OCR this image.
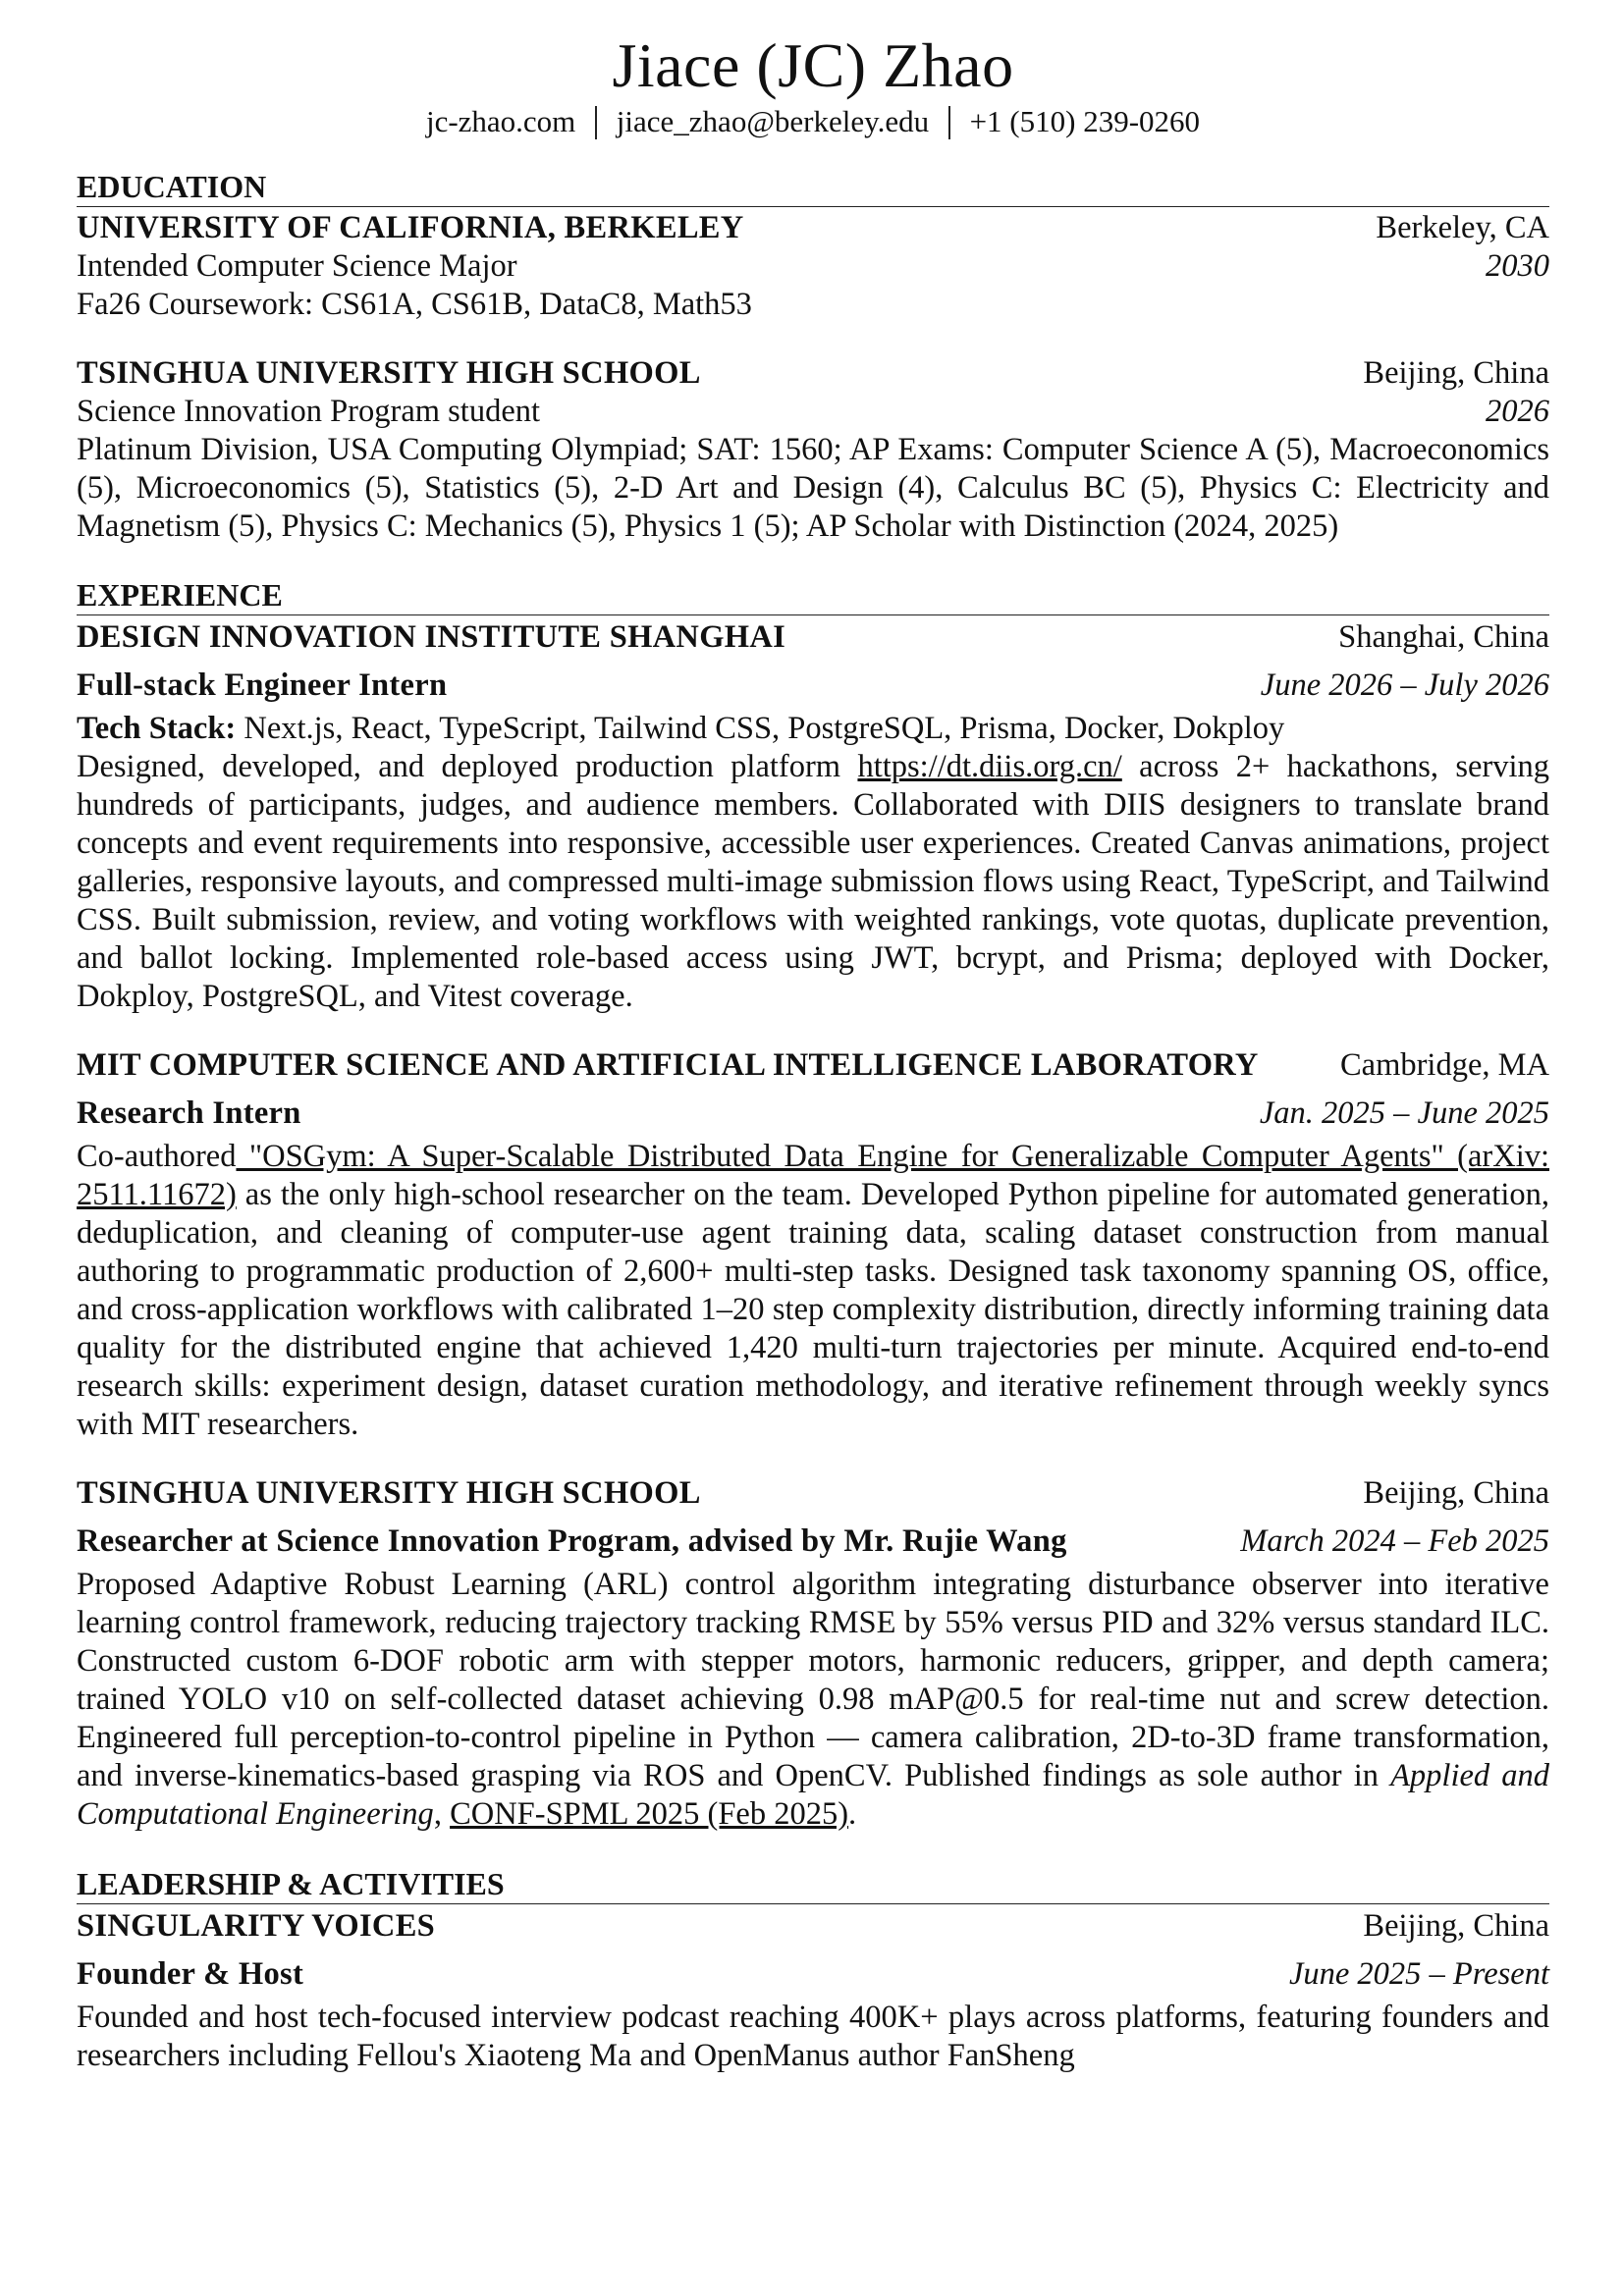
Jiace (JC) Zhao
jc-zhao.com jiace_zhao@berkeley.edu +1 (510) 239-0260
EDUCATION
UNIVERSITY OF CALIFORNIA, BERKELEY	Berkeley, CA
Intended Computer Science Major	2030
Fa26 Coursework: CS61A, CS61B, DataC8, Math53
TSINGHUA UNIVERSITY HIGH SCHOOL	Beijing, China
Science Innovation Program student	2026
Platinum Division, USA Computing Olympiad; SAT: 1560; AP Exams: Computer Science A (5), Macroeconomics (5), Microeconomics (5), Statistics (5), 2-D Art and Design (4), Calculus BC (5), Physics C: Electricity and Magnetism (5), Physics C: Mechanics (5), Physics 1 (5); AP Scholar with Distinction (2024, 2025)
EXPERIENCE
DESIGN INNOVATION INSTITUTE SHANGHAI	Shanghai, China
Full-stack Engineer Intern	June 2026 – July 2026
Tech Stack: Next.js, React, TypeScript, Tailwind CSS, PostgreSQL, Prisma, Docker, Dokploy
Designed, developed, and deployed production platform https://dt.diis.org.cn/ across 2+ hackathons, serving hundreds of participants, judges, and audience members. Collaborated with DIIS designers to translate brand concepts and event requirements into responsive, accessible user experiences. Created Canvas animations, project galleries, responsive layouts, and compressed multi-image submission flows using React, TypeScript, and Tailwind CSS. Built submission, review, and voting workflows with weighted rankings, vote quotas, duplicate prevention, and ballot locking. Implemented role-based access using JWT, bcrypt, and Prisma; deployed with Docker, Dokploy, PostgreSQL, and Vitest coverage.
MIT COMPUTER SCIENCE AND ARTIFICIAL INTELLIGENCE LABORATORY	Cambridge, MA
Research Intern	Jan. 2025 – June 2025
Co-authored "OSGym: A Super-Scalable Distributed Data Engine for Generalizable Computer Agents" (arXiv: 2511.11672) as the only high-school researcher on the team. Developed Python pipeline for automated generation, deduplication, and cleaning of computer-use agent training data, scaling dataset construction from manual authoring to programmatic production of 2,600+ multi-step tasks. Designed task taxonomy spanning OS, office, and cross-application workflows with calibrated 1–20 step complexity distribution, directly informing training data quality for the distributed engine that achieved 1,420 multi-turn trajectories per minute. Acquired end-to-end research skills: experiment design, dataset curation methodology, and iterative refinement through weekly syncs with MIT researchers.
TSINGHUA UNIVERSITY HIGH SCHOOL	Beijing, China
Researcher at Science Innovation Program, advised by Mr. Rujie Wang	March 2024 – Feb 2025
Proposed Adaptive Robust Learning (ARL) control algorithm integrating disturbance observer into iterative learning control framework, reducing trajectory tracking RMSE by 55% versus PID and 32% versus standard ILC. Constructed custom 6-DOF robotic arm with stepper motors, harmonic reducers, gripper, and depth camera; trained YOLO v10 on self-collected dataset achieving 0.98 mAP@0.5 for real-time nut and screw detection. Engineered full perception-to-control pipeline in Python — camera calibration, 2D-to-3D frame transformation, and inverse-kinematics-based grasping via ROS and OpenCV. Published findings as sole author in Applied and Computational Engineering, CONF-SPML 2025 (Feb 2025).
LEADERSHIP & ACTIVITIES
SINGULARITY VOICES	Beijing, China
Founder & Host	June 2025 – Present
Founded and host tech-focused interview podcast reaching 400K+ plays across platforms, featuring founders and researchers including Fellou's Xiaoteng Ma and OpenManus author FanSheng
